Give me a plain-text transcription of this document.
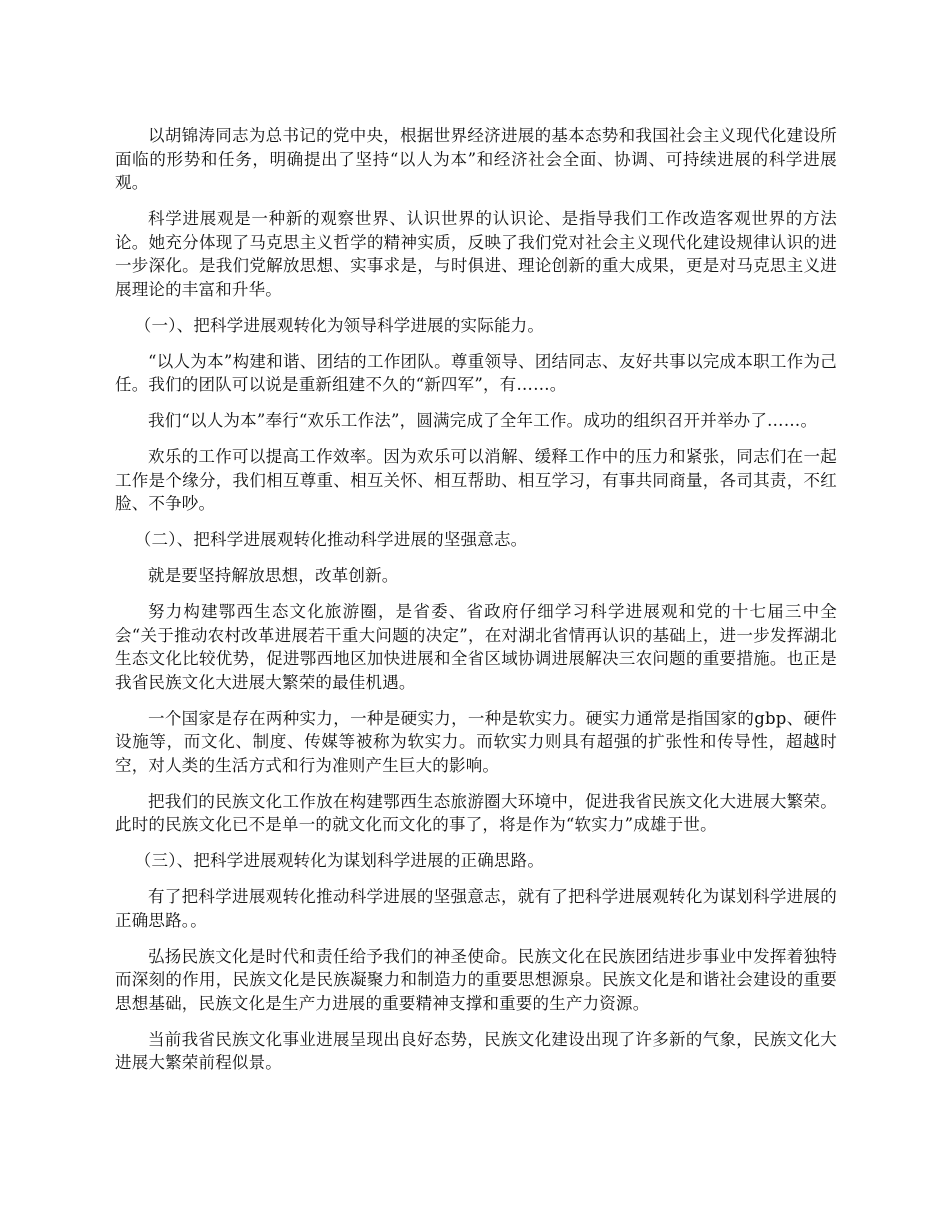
以胡锦涛同志为总书记的党中央，根据世界经济进展的基本态势和我国社会主义现代化建设所面临的形势和任务，明确提出了坚持“以人为本”和经济社会全面、协调、可持续进展的科学进展观。

科学进展观是一种新的观察世界、认识世界的认识论、是指导我们工作改造客观世界的方法论。她充分体现了马克思主义哲学的精神实质，反映了我们党对社会主义现代化建设规律认识的进一步深化。是我们党解放思想、实事求是，与时俱进、理论创新的重大成果，更是对马克思主义进展理论的丰富和升华。

（一）、把科学进展观转化为领导科学进展的实际能力。

“以人为本”构建和谐、团结的工作团队。尊重领导、团结同志、友好共事以完成本职工作为己任。我们的团队可以说是重新组建不久的“新四军”，有……。

我们“以人为本”奉行“欢乐工作法”，圆满完成了全年工作。成功的组织召开并举办了……。

欢乐的工作可以提高工作效率。因为欢乐可以消解、缓释工作中的压力和紧张，同志们在一起工作是个缘分，我们相互尊重、相互关怀、相互帮助、相互学习，有事共同商量，各司其责，不红脸、不争吵。

（二）、把科学进展观转化推动科学进展的坚强意志。

就是要坚持解放思想，改革创新。

努力构建鄂西生态文化旅游圈，是省委、省政府仔细学习科学进展观和党的十七届三中全会“关于推动农村改革进展若干重大问题的决定”，在对湖北省情再认识的基础上，进一步发挥湖北生态文化比较优势，促进鄂西地区加快进展和全省区域协调进展解决三农问题的重要措施。也正是我省民族文化大进展大繁荣的最佳机遇。

一个国家是存在两种实力，一种是硬实力，一种是软实力。硬实力通常是指国家的gbp、硬件设施等，而文化、制度、传媒等被称为软实力。而软实力则具有超强的扩张性和传导性，超越时空，对人类的生活方式和行为准则产生巨大的影响。

把我们的民族文化工作放在构建鄂西生态旅游圈大环境中，促进我省民族文化大进展大繁荣。此时的民族文化已不是单一的就文化而文化的事了，将是作为“软实力”成雄于世。

（三）、把科学进展观转化为谋划科学进展的正确思路。

有了把科学进展观转化推动科学进展的坚强意志，就有了把科学进展观转化为谋划科学进展的正确思路。。

弘扬民族文化是时代和责任给予我们的神圣使命。民族文化在民族团结进步事业中发挥着独特而深刻的作用，民族文化是民族凝聚力和制造力的重要思想源泉。民族文化是和谐社会建设的重要思想基础，民族文化是生产力进展的重要精神支撑和重要的生产力资源。

当前我省民族文化事业进展呈现出良好态势，民族文化建设出现了许多新的气象，民族文化大进展大繁荣前程似景。
